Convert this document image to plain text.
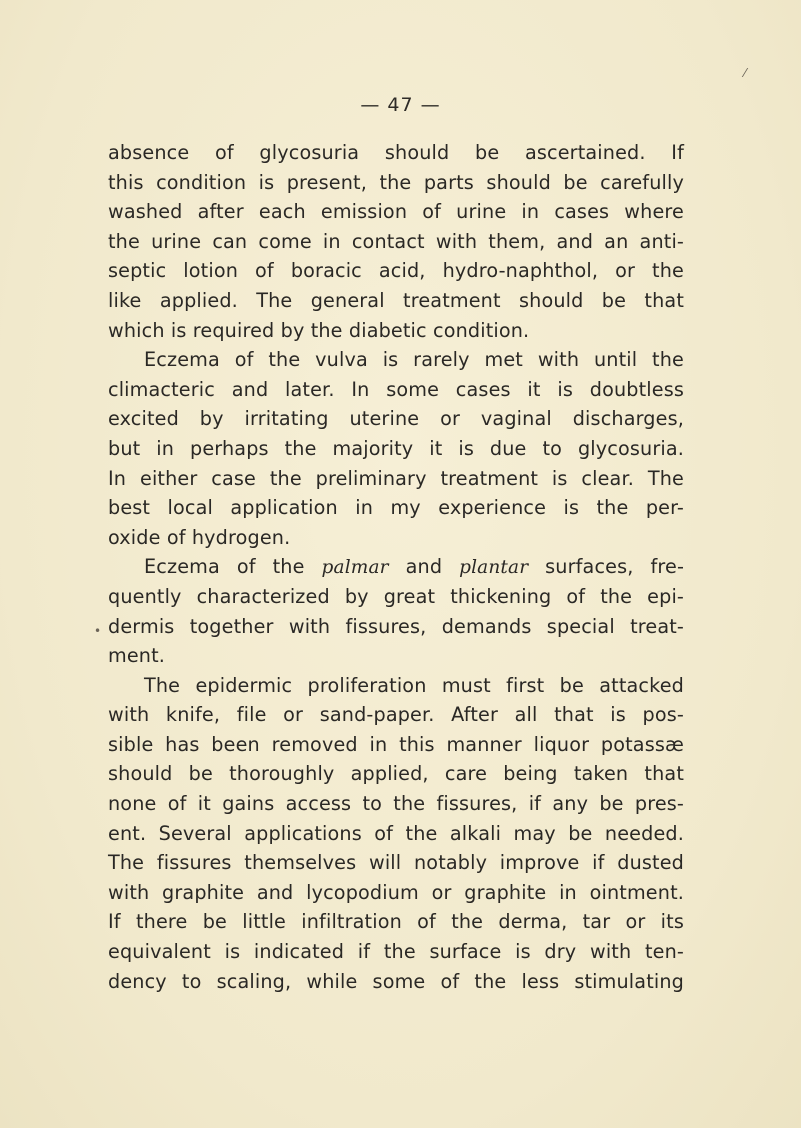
⁄
•
— 47 —
absence of glycosuria should be ascertained. If
this condition is present, the parts should be carefully
washed after each emission of urine in cases where
the urine can come in contact with them, and an anti-
septic lotion of boracic acid, hydro-naphthol, or the
like applied. The general treatment should be that
which is required by the diabetic condition.
Eczema of the vulva is rarely met with until the
climacteric and later. In some cases it is doubtless
excited by irritating uterine or vaginal discharges,
but in perhaps the majority it is due to glycosuria.
In either case the preliminary treatment is clear. The
best local application in my experience is the per-
oxide of hydrogen.
Eczema of the palmar and plantar surfaces, fre-
quently characterized by great thickening of the epi-
dermis together with fissures, demands special treat-
ment.
The epidermic proliferation must first be attacked
with knife, file or sand-paper. After all that is pos-
sible has been removed in this manner liquor potassæ
should be thoroughly applied, care being taken that
none of it gains access to the fissures, if any be pres-
ent. Several applications of the alkali may be needed.
The fissures themselves will notably improve if dusted
with graphite and lycopodium or graphite in ointment.
If there be little infiltration of the derma, tar or its
equivalent is indicated if the surface is dry with ten-
dency to scaling, while some of the less stimulating
